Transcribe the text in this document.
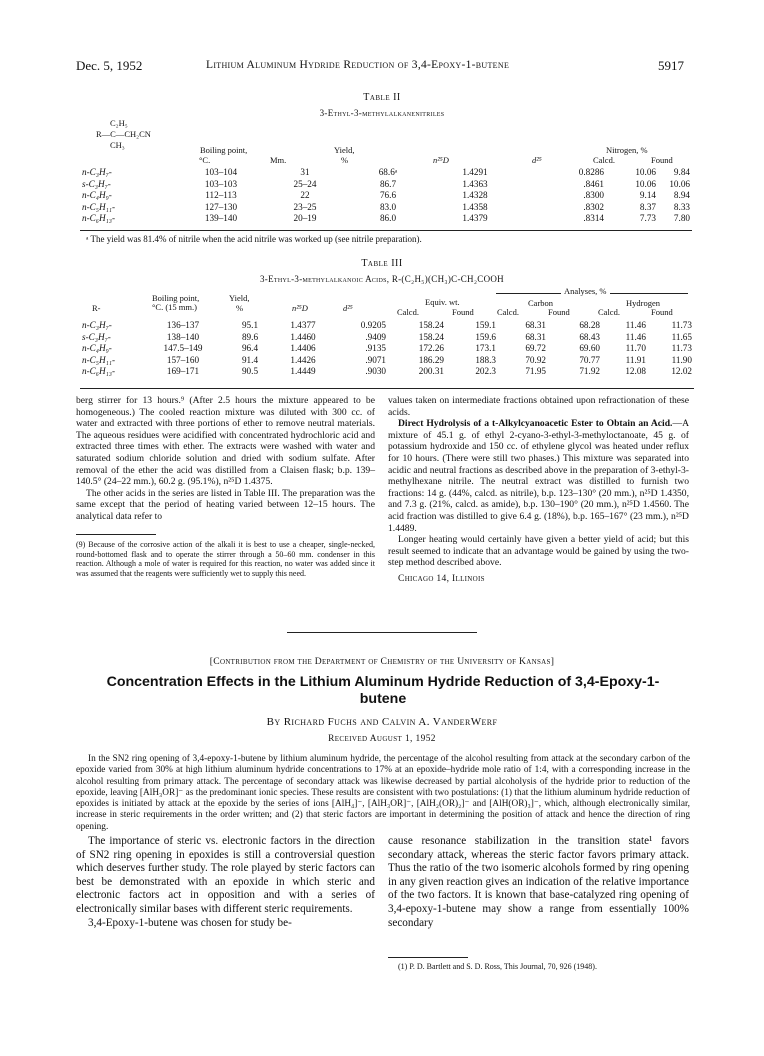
Dec. 5, 1952	Lithium Aluminum Hydride Reduction of 3,4-Epoxy-1-butene	5917
Table II
3-Ethyl-3-methylalkanenitriles
C₂H₅
R—C—CH₂CN
CH₃	Boiling point,
°C.	Mm.
Yield,
%	n²⁵D	d²⁵
Nitrogen, %
Calcd.	Found
n-C₃H₇-	103–104	31	68.6ᵃ	1.4291	0.8286	10.06	9.84
s-C₃H₇-	103–103	25–24	86.7	1.4363	.8461	10.06	10.06
n-C₄H₉-	112–113	22	76.6	1.4328	.8300	9.14	8.94
n-C₅H₁₁-	127–130	23–25	83.0	1.4358	.8302	8.37	8.33
n-C₆H₁₃-	139–140	20–19	86.0	1.4379	.8314	7.73	7.80
ᵃ The yield was 81.4% of nitrile when the acid nitrile was worked up (see nitrile preparation).
Table III
3-Ethyl-3-methylalkanoic Acids, R-(C₂H₅)(CH₃)C-CH₂COOH
R-
Boiling point,
°C. (15 mm.)
Yield,
%	n²⁵D	d²⁵
Equiv. wt.
Calcd.	Found
Analyses, %
Carbon
Calcd.	Found
Hydrogen
Calcd.	Found
n-C₃H₇-	136–137	95.1	1.4377	0.9205	158.24	159.1	68.31	68.28	11.46	11.73
s-C₃H₇-	138–140	89.6	1.4460	.9409	158.24	159.6	68.31	68.43	11.46	11.65
n-C₄H₉-	147.5–149	96.4	1.4406	.9135	172.26	173.1	69.72	69.60	11.70	11.73
n-C₅H₁₁-	157–160	91.4	1.4426	.9071	186.29	188.3	70.92	70.77	11.91	11.90
n-C₆H₁₃-	169–171	90.5	1.4449	.9030	200.31	202.3	71.95	71.92	12.08	12.02

berg stirrer for 13 hours.⁹ (After 2.5 hours the mixture appeared to be homogeneous.) The cooled reaction mixture was diluted with 300 cc. of water and extracted with three portions of ether to remove neutral materials. The aqueous residues were acidified with concentrated hydrochloric acid and extracted three times with ether. The extracts were washed with water and saturated sodium chloride solution and dried with sodium sulfate. After removal of the ether the acid was distilled from a Claisen flask; b.p. 139–140.5° (24–22 mm.), 60.2 g. (95.1%), n²⁵D 1.4375.

The other acids in the series are listed in Table III. The preparation was the same except that the period of heating varied between 12–15 hours. The analytical data refer to

(9) Because of the corrosive action of the alkali it is best to use a cheaper, single-necked, round-bottomed flask and to operate the stirrer through a 50–60 mm. condenser in this reaction. Although a mole of water is required for this reaction, no water was added since it was assumed that the reagents were sufficiently wet to supply this need.

values taken on intermediate fractions obtained upon refractionation of these acids.

Direct Hydrolysis of a t-Alkylcyanoacetic Ester to Obtain an Acid.—A mixture of 45.1 g. of ethyl 2-cyano-3-ethyl-3-methyloctanoate, 45 g. of potassium hydroxide and 150 cc. of ethylene glycol was heated under reflux for 10 hours. (There were still two phases.) This mixture was separated into acidic and neutral fractions as described above in the preparation of 3-ethyl-3-methylhexane nitrile. The neutral extract was distilled to furnish two fractions: 14 g. (44%, calcd. as nitrile), b.p. 123–130° (20 mm.), n²⁵D 1.4350, and 7.3 g. (21%, calcd. as amide), b.p. 130–190° (20 mm.), n²⁵D 1.4560. The acid fraction was distilled to give 6.4 g. (18%), b.p. 165–167° (23 mm.), n²⁵D 1.4489.

Longer heating would certainly have given a better yield of acid; but this result seemed to indicate that an advantage would be gained by using the two-step method described above.

Chicago 14, Illinois

[Contribution from the Department of Chemistry of the University of Kansas]
Concentration Effects in the Lithium Aluminum Hydride Reduction of 3,4-Epoxy-1-
butene
By Richard Fuchs and Calvin A. VanderWerf
Received August 1, 1952
In the SN2 ring opening of 3,4-epoxy-1-butene by lithium aluminum hydride, the percentage of the alcohol resulting from attack at the secondary carbon of the epoxide varied from 30% at high lithium aluminum hydride concentrations to 17% at an epoxide–hydride mole ratio of 1:4, with a corresponding increase in the alcohol resulting from primary attack. The percentage of secondary attack was likewise decreased by partial alcoholysis of the hydride prior to reduction of the epoxide, leaving [AlH₃OR]⁻ as the predominant ionic species. These results are consistent with two postulations: (1) that the lithium aluminum hydride reduction of epoxides is initiated by attack at the epoxide by the series of ions [AlH₄]⁻, [AlH₃OR]⁻, [AlH₂(OR)₂]⁻ and [AlH(OR)₃]⁻, which, although electronically similar, increase in steric requirements in the order written; and (2) that steric factors are important in determining the position of attack and hence the direction of ring opening.

The importance of steric vs. electronic factors in the direction of SN2 ring opening in epoxides is still a controversial question which deserves further study. The role played by steric factors can best be demonstrated with an epoxide in which steric and electronic factors act in opposition and with a series of electronically similar bases with different steric requirements.

3,4-Epoxy-1-butene was chosen for study be-

cause resonance stabilization in the transition state¹ favors secondary attack, whereas the steric factor favors primary attack. Thus the ratio of the two isomeric alcohols formed by ring opening in any given reaction gives an indication of the relative importance of the two factors. It is known that base-catalyzed ring opening of 3,4-epoxy-1-butene may show a range from essentially 100% secondary

(1) P. D. Bartlett and S. D. Ross, This Journal, 70, 926 (1948).
